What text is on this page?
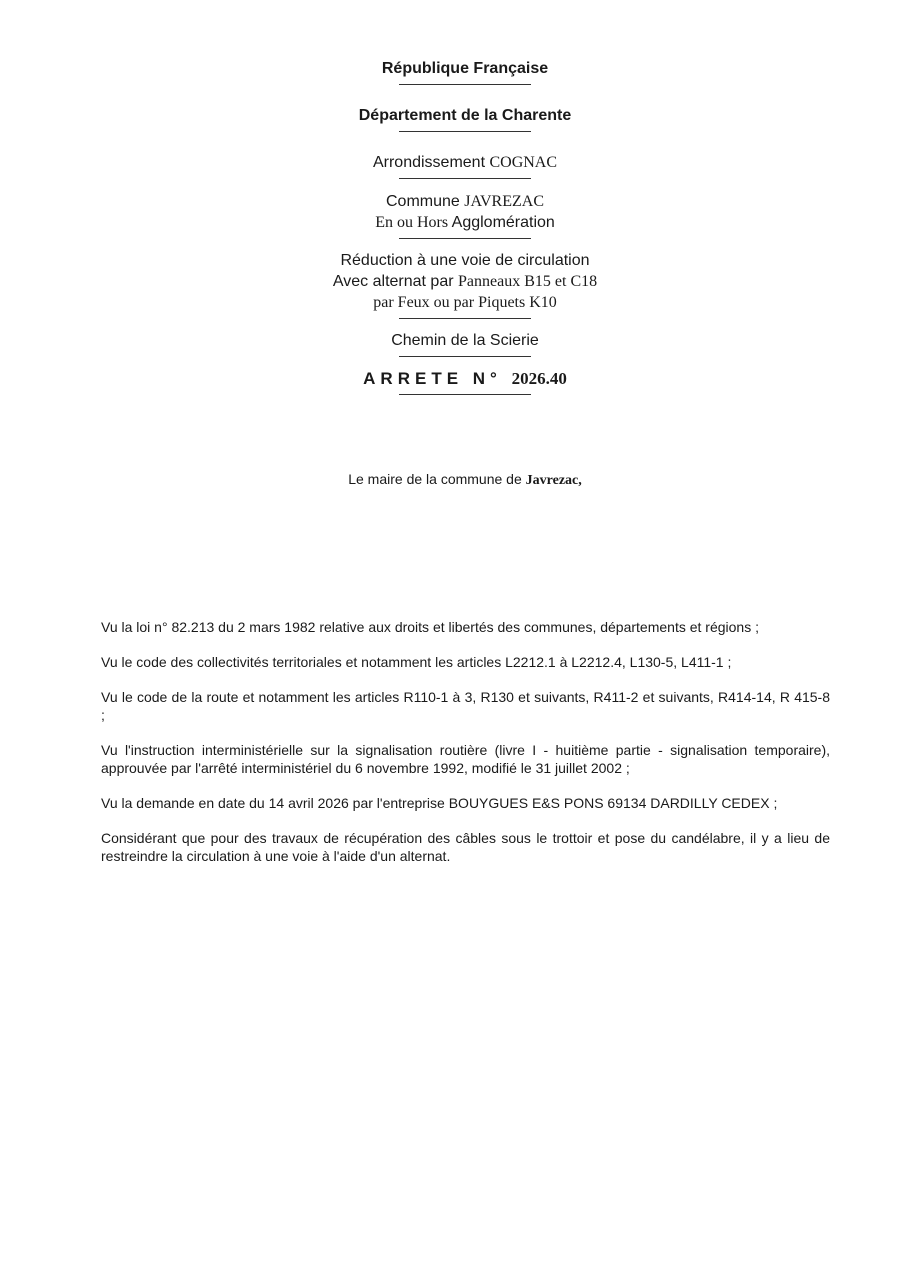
République Française
Département de la Charente
Arrondissement COGNAC
Commune JAVREZAC
En ou Hors Agglomération
Réduction à une voie de circulation
Avec alternat par Panneaux B15 et C18
par Feux ou par Piquets K10
Chemin de la Scierie
ARRETE N° 2026.40
Le maire de la commune de Javrezac,

Vu la loi n° 82.213 du 2 mars 1982 relative aux droits et libertés des communes, départements et régions ;

Vu le code des collectivités territoriales et notamment les articles L2212.1 à L2212.4, L130-5, L411-1 ;

Vu le code de la route et notamment les articles R110-1 à 3, R130 et suivants, R411-2 et suivants, R414-14, R 415-8 ;

Vu l'instruction interministérielle sur la signalisation routière (livre I - huitième partie - signalisation temporaire), approuvée par l'arrêté interministériel du 6 novembre 1992, modifié le 31 juillet 2002 ;

Vu la demande en date du 14 avril 2026 par l'entreprise BOUYGUES E&S PONS 69134 DARDILLY CEDEX ;

Considérant que pour des travaux de récupération des câbles sous le trottoir et pose du candélabre, il y a lieu de restreindre la circulation à une voie à l'aide d'un alternat.
